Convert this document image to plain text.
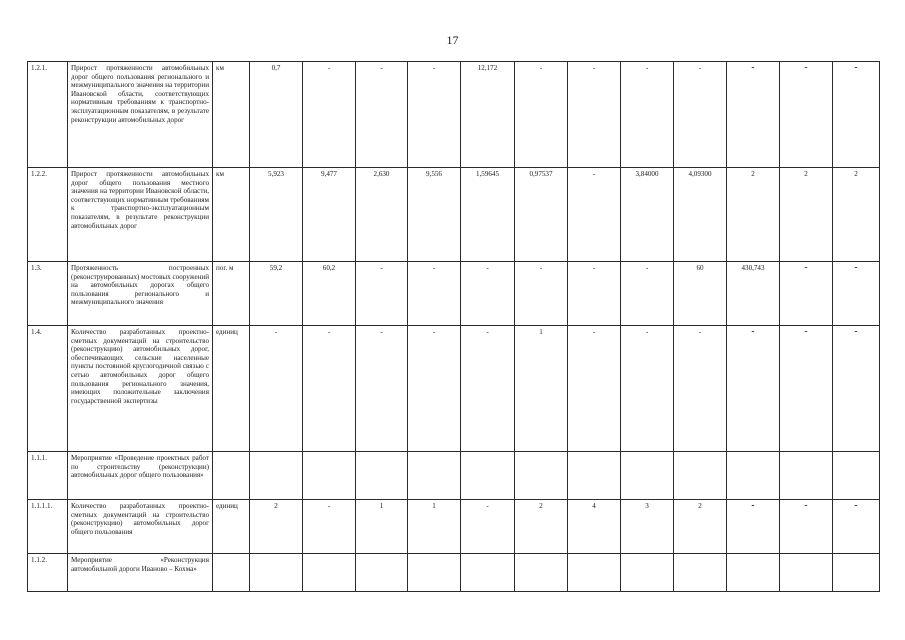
17
1.2.1.	Прирост протяженности автомобильных дорог общего пользования регионального и межмуниципального значения на территории Ивановской области, соответствующих нормативным требованиям к транспортно-эксплуатационным показателям, в результате реконструкции автомобильных дорог	км	0,7	-	-	-	12,172	-	-	-	-	-	-	-
1.2.2.	Прирост протяженности автомобильных дорог общего пользования местного значения на территории Ивановской области, соответствующих нормативным требованиям к транспортно-эксплуатационным показателям, в результате реконструкции автомобильных дорог	км	5,923	9,477	2,630	9,556	1,59645	0,97537	-	3,84000	4,09300	2	2	2
1.3.	Протяженность построенных (реконструированных) мостовых сооружений на автомобильных дорогах общего пользования регионального и межмуниципального значения	пог. м	59,2	60,2	-	-	-	-	-	-	60	430,743	-	-
1.4.	Количество разработанных проектно-сметных документаций на строительство (реконструкцию) автомобильных дорог, обеспечивающих сельские населенные пункты постоянной круглогодичной связью с сетью автомобильных дорог общего пользования регионального значения, имеющих положительные заключения государственной экспертизы	единиц	-	-	-	-	-	1	-	-	-	-	-	-
1.1.1.	Мероприятие «Проведение проектных работ по строительству (реконструкции) автомобильных дорог общего пользования»													
1.1.1.1.	Количество разработанных проектно-сметных документаций на строительство (реконструкцию) автомобильных дорог общего пользования	единиц	2	-	1	1	-	2	4	3	2	-	-	-
1.1.2.	Мероприятие «Реконструкция автомобильной дороги Иваново – Кохма»													
